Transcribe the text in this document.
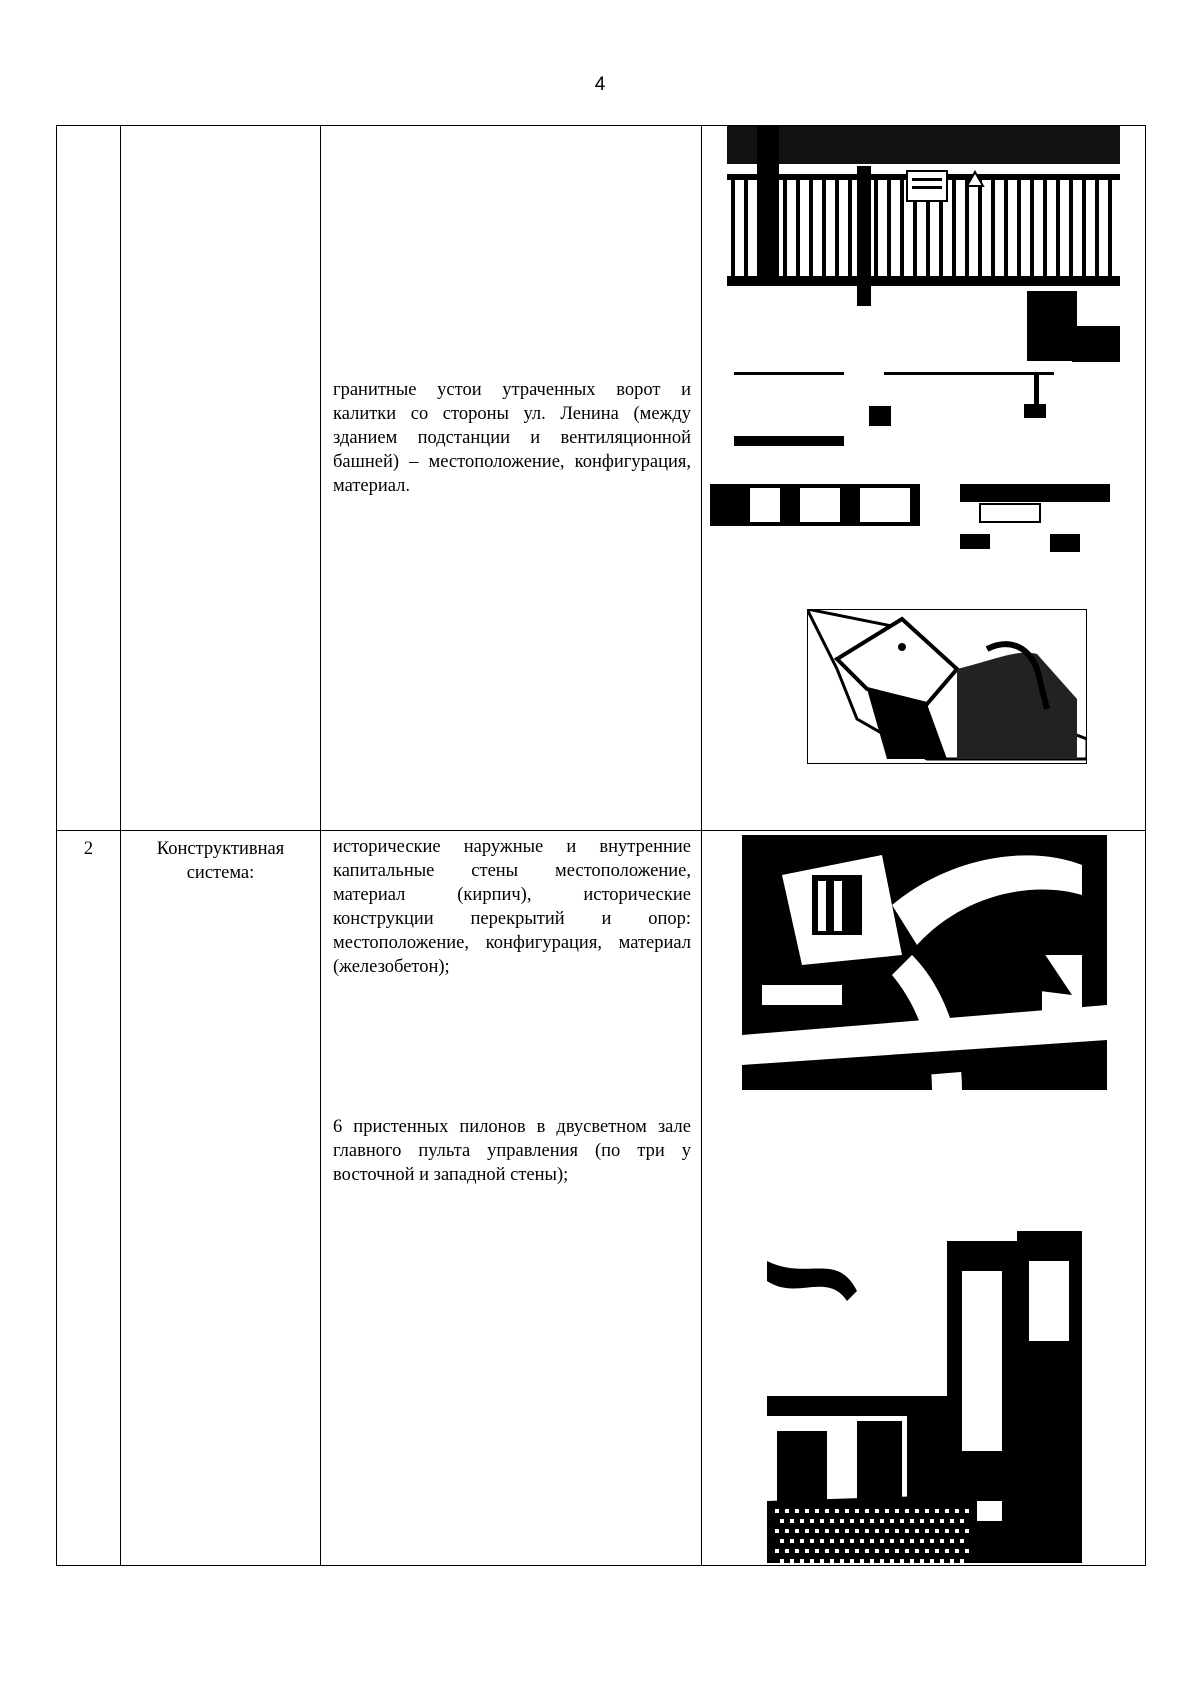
4

		гранитные устои утраченных ворот и калитки со стороны ул. Ленина (между зданием подстанции и вентиляционной башней) – местоположение, конфигурация, материал.

2	Конструктивная система:	исторические наружные и внутренние капитальные стены местоположение, материал (кирпич), исторические конструкции перекрытий и опор: местоположение, конфигурация, материал (железобетон);
6 пристенных пилонов в двусветном зале главного пульта управления (по три у восточной и западной стены);
